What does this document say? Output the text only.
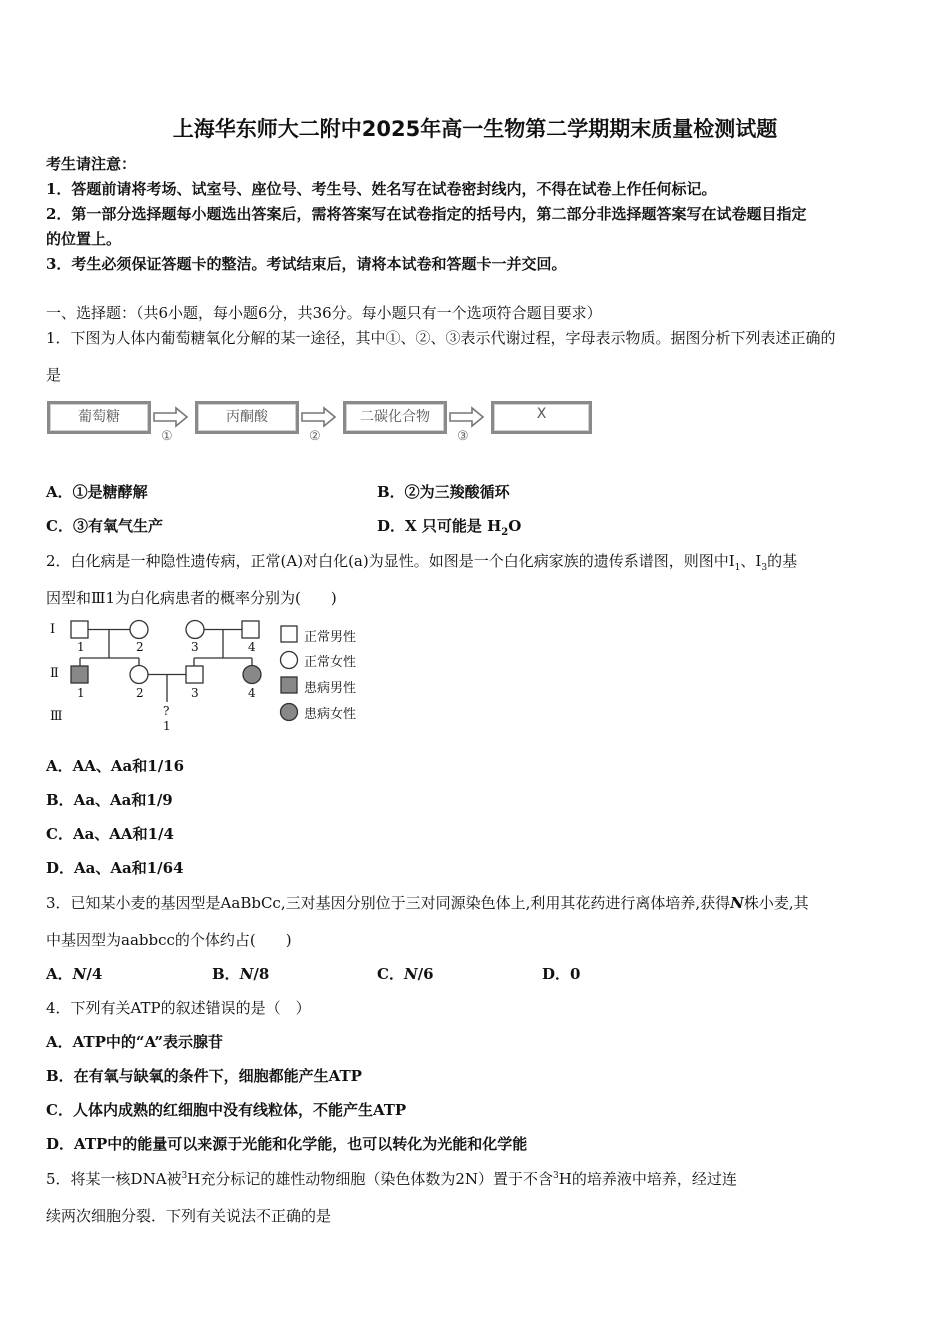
上海华东师大二附中2025年高一生物第二学期期末质量检测试题
考生请注意：
1．答题前请将考场、试室号、座位号、考生号、姓名写在试卷密封线内，不得在试卷上作任何标记。
2．第一部分选择题每小题选出答案后，需将答案写在试卷指定的括号内，第二部分非选择题答案写在试卷题目指定
的位置上。
3．考生必须保证答题卡的整洁。考试结束后，请将本试卷和答题卡一并交回。
一、选择题：（共6小题，每小题6分，共36分。每小题只有一个选项符合题目要求）
1．下图为人体内葡萄糖氧化分解的某一途径，其中①、②、③表示代谢过程，字母表示物质。据图分析下列表述正确的
是
葡萄糖	丙酮酸	二碳化合物	X
①	②	③
A．①是糖酵解	B．②为三羧酸循环
C．③有氧气生产	D．X 只可能是 $H_2O$
2．白化病是一种隐性遗传病，正常(A)对白化(a)为显性。如图是一个白化病家族的遗传系谱图，则图中$Ⅰ_1$、$Ⅰ_3$的基
因型和Ⅲ1为白化病患者的概率分别为(　　)
Ⅰ
Ⅱ
Ⅲ
1	2	3	4
1	2	3	4
?
1
正常男性
正常女性
患病男性
患病女性
A．AA、Aa和1/16
B．Aa、Aa和1/9
C．Aa、AA和1/4
D．Aa、Aa和1/64
3．已知某小麦的基因型是AaBbCc,三对基因分别位于三对同源染色体上,利用其花药进行离体培养,获得N株小麦,其
中基因型为aabbcc的个体约占(　　)
A．N/4	B．N/8	C．N/6	D．0
4．下列有关ATP的叙述错误的是（　）
A．ATP中的“A”表示腺苷
B．在有氧与缺氧的条件下，细胞都能产生ATP
C．人体内成熟的红细胞中没有线粒体，不能产生ATP
D．ATP中的能量可以来源于光能和化学能，也可以转化为光能和化学能
5．将某一核DNA被$^3$H充分标记的雄性动物细胞（染色体数为2N）置于不含$^3$H的培养液中培养，经过连
续两次细胞分裂．下列有关说法不正确的是
